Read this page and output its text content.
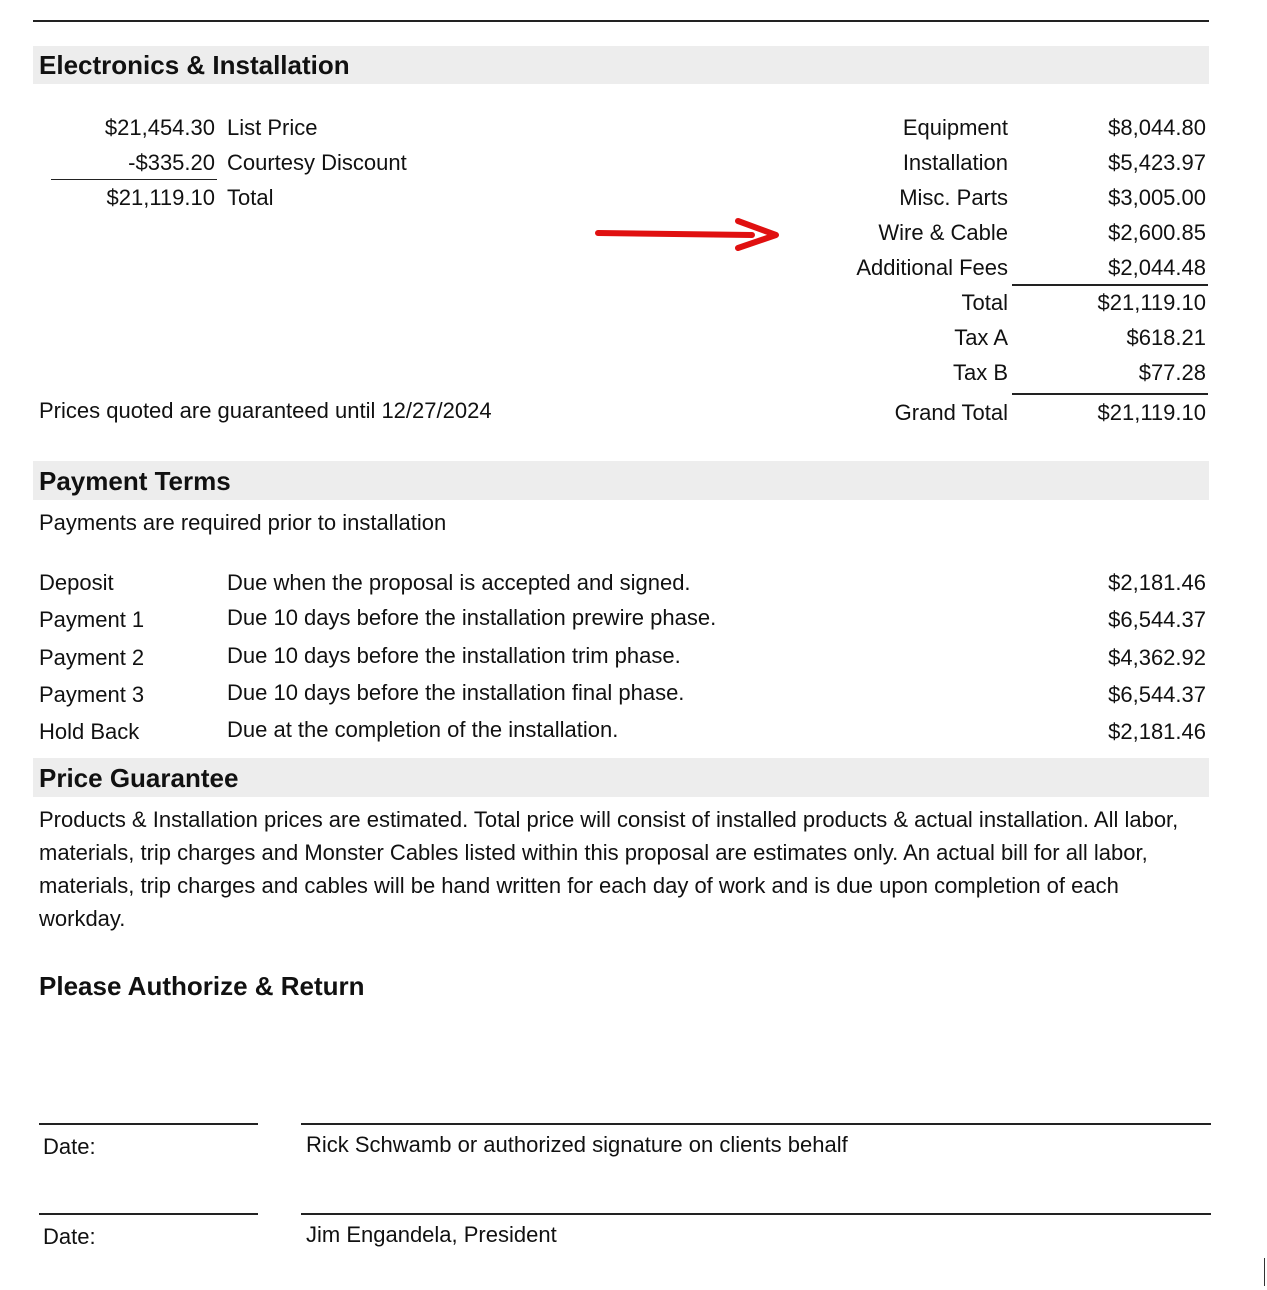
Electronics & Installation
$21,454.30 List Price
-$335.20 Courtesy Discount
$21,119.10 Total
Prices quoted are guaranteed until 12/27/2024
Equipment	$8,044.80
Installation	$5,423.97
Misc. Parts	$3,005.00
Wire & Cable	$2,600.85
Additional Fees	$2,044.48
Total	$21,119.10
Tax A	$618.21
Tax B	$77.28
Grand Total	$21,119.10
Payment Terms
Payments are required prior to installation
Deposit	Due when the proposal is accepted and signed.	$2,181.46
Payment 1	Due 10 days before the installation prewire phase.	$6,544.37
Payment 2	Due 10 days before the installation trim phase.	$4,362.92
Payment 3	Due 10 days before the installation final phase.	$6,544.37
Hold Back	Due at the completion of the installation.	$2,181.46
Price Guarantee
Products & Installation prices are estimated. Total price will consist of installed products & actual installation. All labor, materials, trip charges and Monster Cables listed within this proposal are estimates only. An actual bill for all labor, materials, trip charges and cables will be hand written for each day of work and is due upon completion of each workday.
Please Authorize & Return
Date:	Rick Schwamb or authorized signature on clients behalf
Date:	Jim Engandela, President
